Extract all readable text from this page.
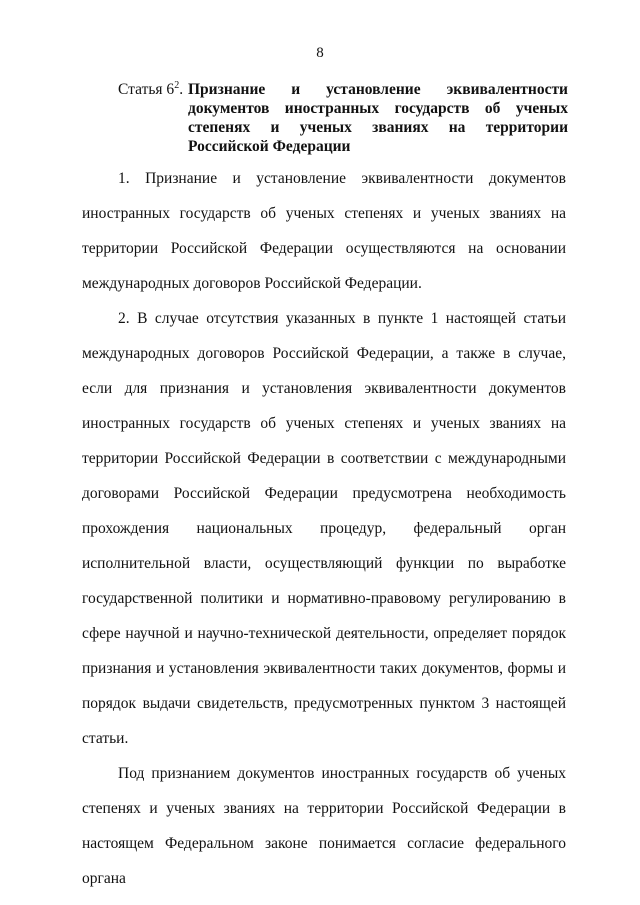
8
Статья $6^2$. Признание и установление эквивалентности документов иностранных государств об ученых степенях и ученых званиях на территории Российской Федерации

1. Признание и установление эквивалентности документов иностранных государств об ученых степенях и ученых званиях на территории Российской Федерации осуществляются на основании международных договоров Российской Федерации.

2. В случае отсутствия указанных в пункте 1 настоящей статьи международных договоров Российской Федерации, а также в случае, если для признания и установления эквивалентности документов иностранных государств об ученых степенях и ученых званиях на территории Российской Федерации в соответствии с международными договорами Российской Федерации предусмотрена необходимость прохождения национальных процедур, федеральный орган исполнительной власти, осуществляющий функции по выработке государственной политики и нормативно-правовому регулированию в сфере научной и научно-технической деятельности, определяет порядок признания и установления эквивалентности таких документов, формы и порядок выдачи свидетельств, предусмотренных пунктом 3 настоящей статьи.

Под признанием документов иностранных государств об ученых степенях и ученых званиях на территории Российской Федерации в настоящем Федеральном законе понимается согласие федерального органа
